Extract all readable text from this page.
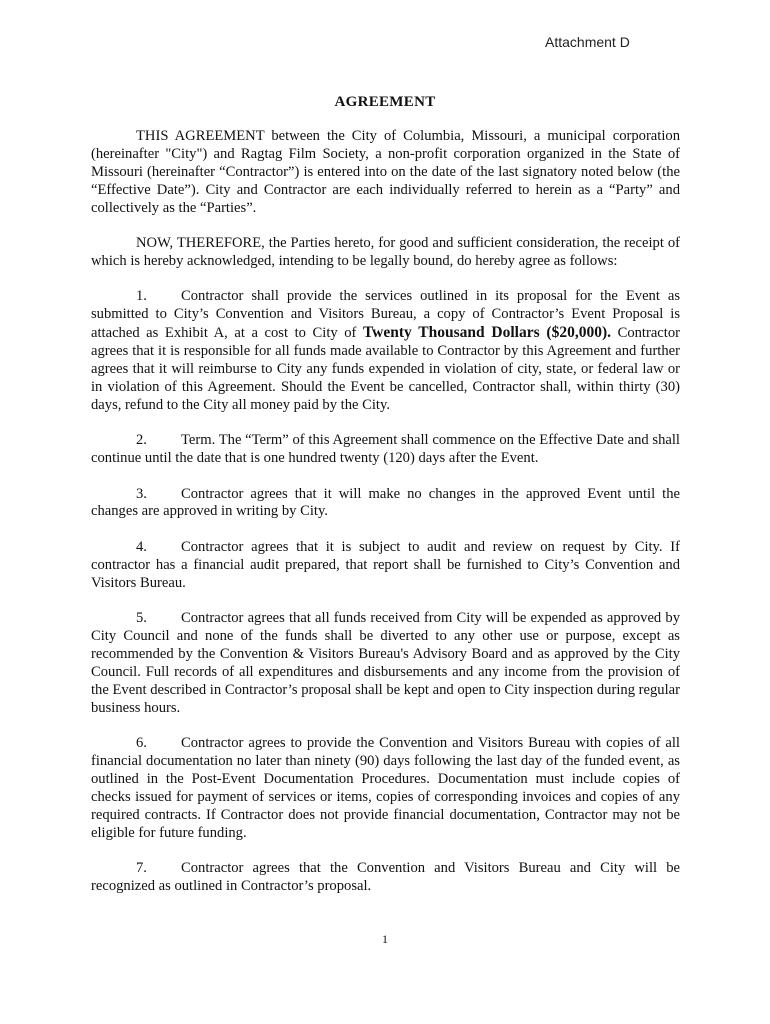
Attachment D
AGREEMENT

THIS AGREEMENT between the City of Columbia, Missouri, a municipal corporation (hereinafter "City") and Ragtag Film Society, a non-profit corporation organized in the State of Missouri (hereinafter “Contractor”) is entered into on the date of the last signatory noted below (the “Effective Date”). City and Contractor are each individually referred to herein as a “Party” and collectively as the “Parties”.

NOW, THEREFORE, the Parties hereto, for good and sufficient consideration, the receipt of which is hereby acknowledged, intending to be legally bound, do hereby agree as follows:

1. Contractor shall provide the services outlined in its proposal for the Event as submitted to City’s Convention and Visitors Bureau, a copy of Contractor’s Event Proposal is attached as Exhibit A, at a cost to City of Twenty Thousand Dollars ($20,000). Contractor agrees that it is responsible for all funds made available to Contractor by this Agreement and further agrees that it will reimburse to City any funds expended in violation of city, state, or federal law or in violation of this Agreement. Should the Event be cancelled, Contractor shall, within thirty (30) days, refund to the City all money paid by the City.

2. Term. The “Term” of this Agreement shall commence on the Effective Date and shall continue until the date that is one hundred twenty (120) days after the Event.

3. Contractor agrees that it will make no changes in the approved Event until the changes are approved in writing by City.

4. Contractor agrees that it is subject to audit and review on request by City. If contractor has a financial audit prepared, that report shall be furnished to City’s Convention and Visitors Bureau.

5. Contractor agrees that all funds received from City will be expended as approved by City Council and none of the funds shall be diverted to any other use or purpose, except as recommended by the Convention & Visitors Bureau's Advisory Board and as approved by the City Council. Full records of all expenditures and disbursements and any income from the provision of the Event described in Contractor’s proposal shall be kept and open to City inspection during regular business hours.

6. Contractor agrees to provide the Convention and Visitors Bureau with copies of all financial documentation no later than ninety (90) days following the last day of the funded event, as outlined in the Post-Event Documentation Procedures. Documentation must include copies of checks issued for payment of services or items, copies of corresponding invoices and copies of any required contracts. If Contractor does not provide financial documentation, Contractor may not be eligible for future funding.

7. Contractor agrees that the Convention and Visitors Bureau and City will be recognized as outlined in Contractor’s proposal.

1
